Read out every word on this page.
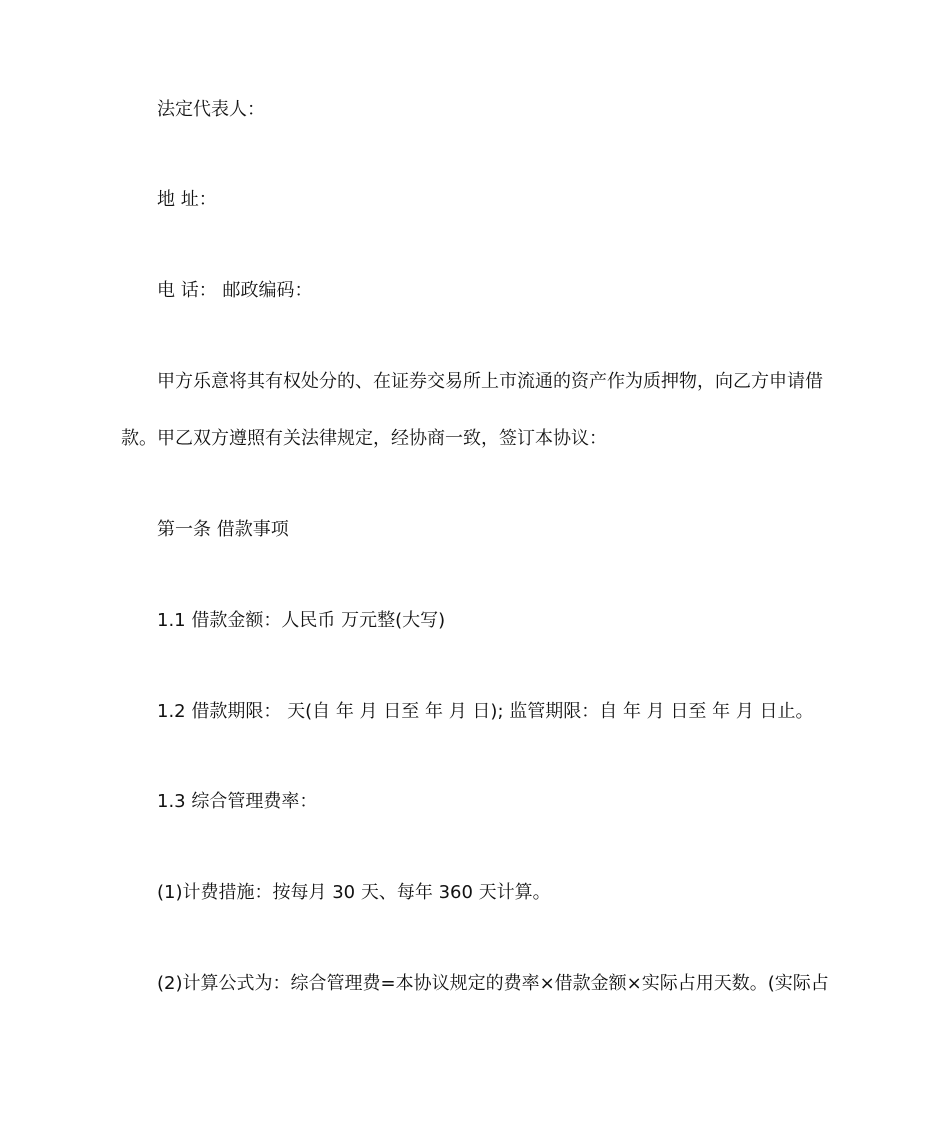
法定代表人：
地 址：
电 话： 邮政编码：
甲方乐意将其有权处分的、在证券交易所上市流通的资产作为质押物，向乙方申请借
款。甲乙双方遵照有关法律规定，经协商一致，签订本协议：
第一条 借款事项
1.1 借款金额：人民币 万元整(大写)
1.2 借款期限： 天(自 年 月 日至 年 月 日); 监管期限：自 年 月 日至 年 月 日止。
1.3 综合管理费率：
(1)计费措施：按每月 30 天、每年 360 天计算。
(2)计算公式为：综合管理费=本协议规定的费率×借款金额×实际占用天数。(实际占
